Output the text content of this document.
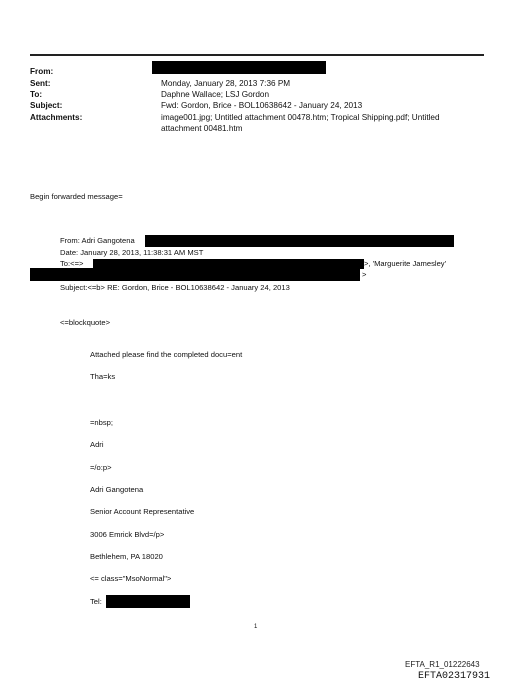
From:
Sent:	Monday, January 28, 2013 7:36 PM
To:	Daphne Wallace; LSJ Gordon
Subject:	Fwd: Gordon, Brice - BOL10638642 - January 24, 2013
Attachments:	image001.jpg; Untitled attachment 00478.htm; Tropical Shipping.pdf; Untitled
attachment 00481.htm
Begin forwarded message=
From: Adri Gangotena
Date: January 28, 2013, 11:38:31 AM MST
To:<=>	>, 'Marguerite Jamesley'
>
Subject:<=b> RE: Gordon, Brice - BOL10638642 - January 24, 2013
<=blockquote>
Attached please find the completed docu=ent
Tha=ks
=nbsp;
Adri
=/o:p>
Adri Gangotena
Senior Account Representative
3006 Emrick Blvd=/p>
Bethlehem, PA 18020
<= class="MsoNormal">
Tel:
1
EFTA_R1_01222643
EFTA02317931
